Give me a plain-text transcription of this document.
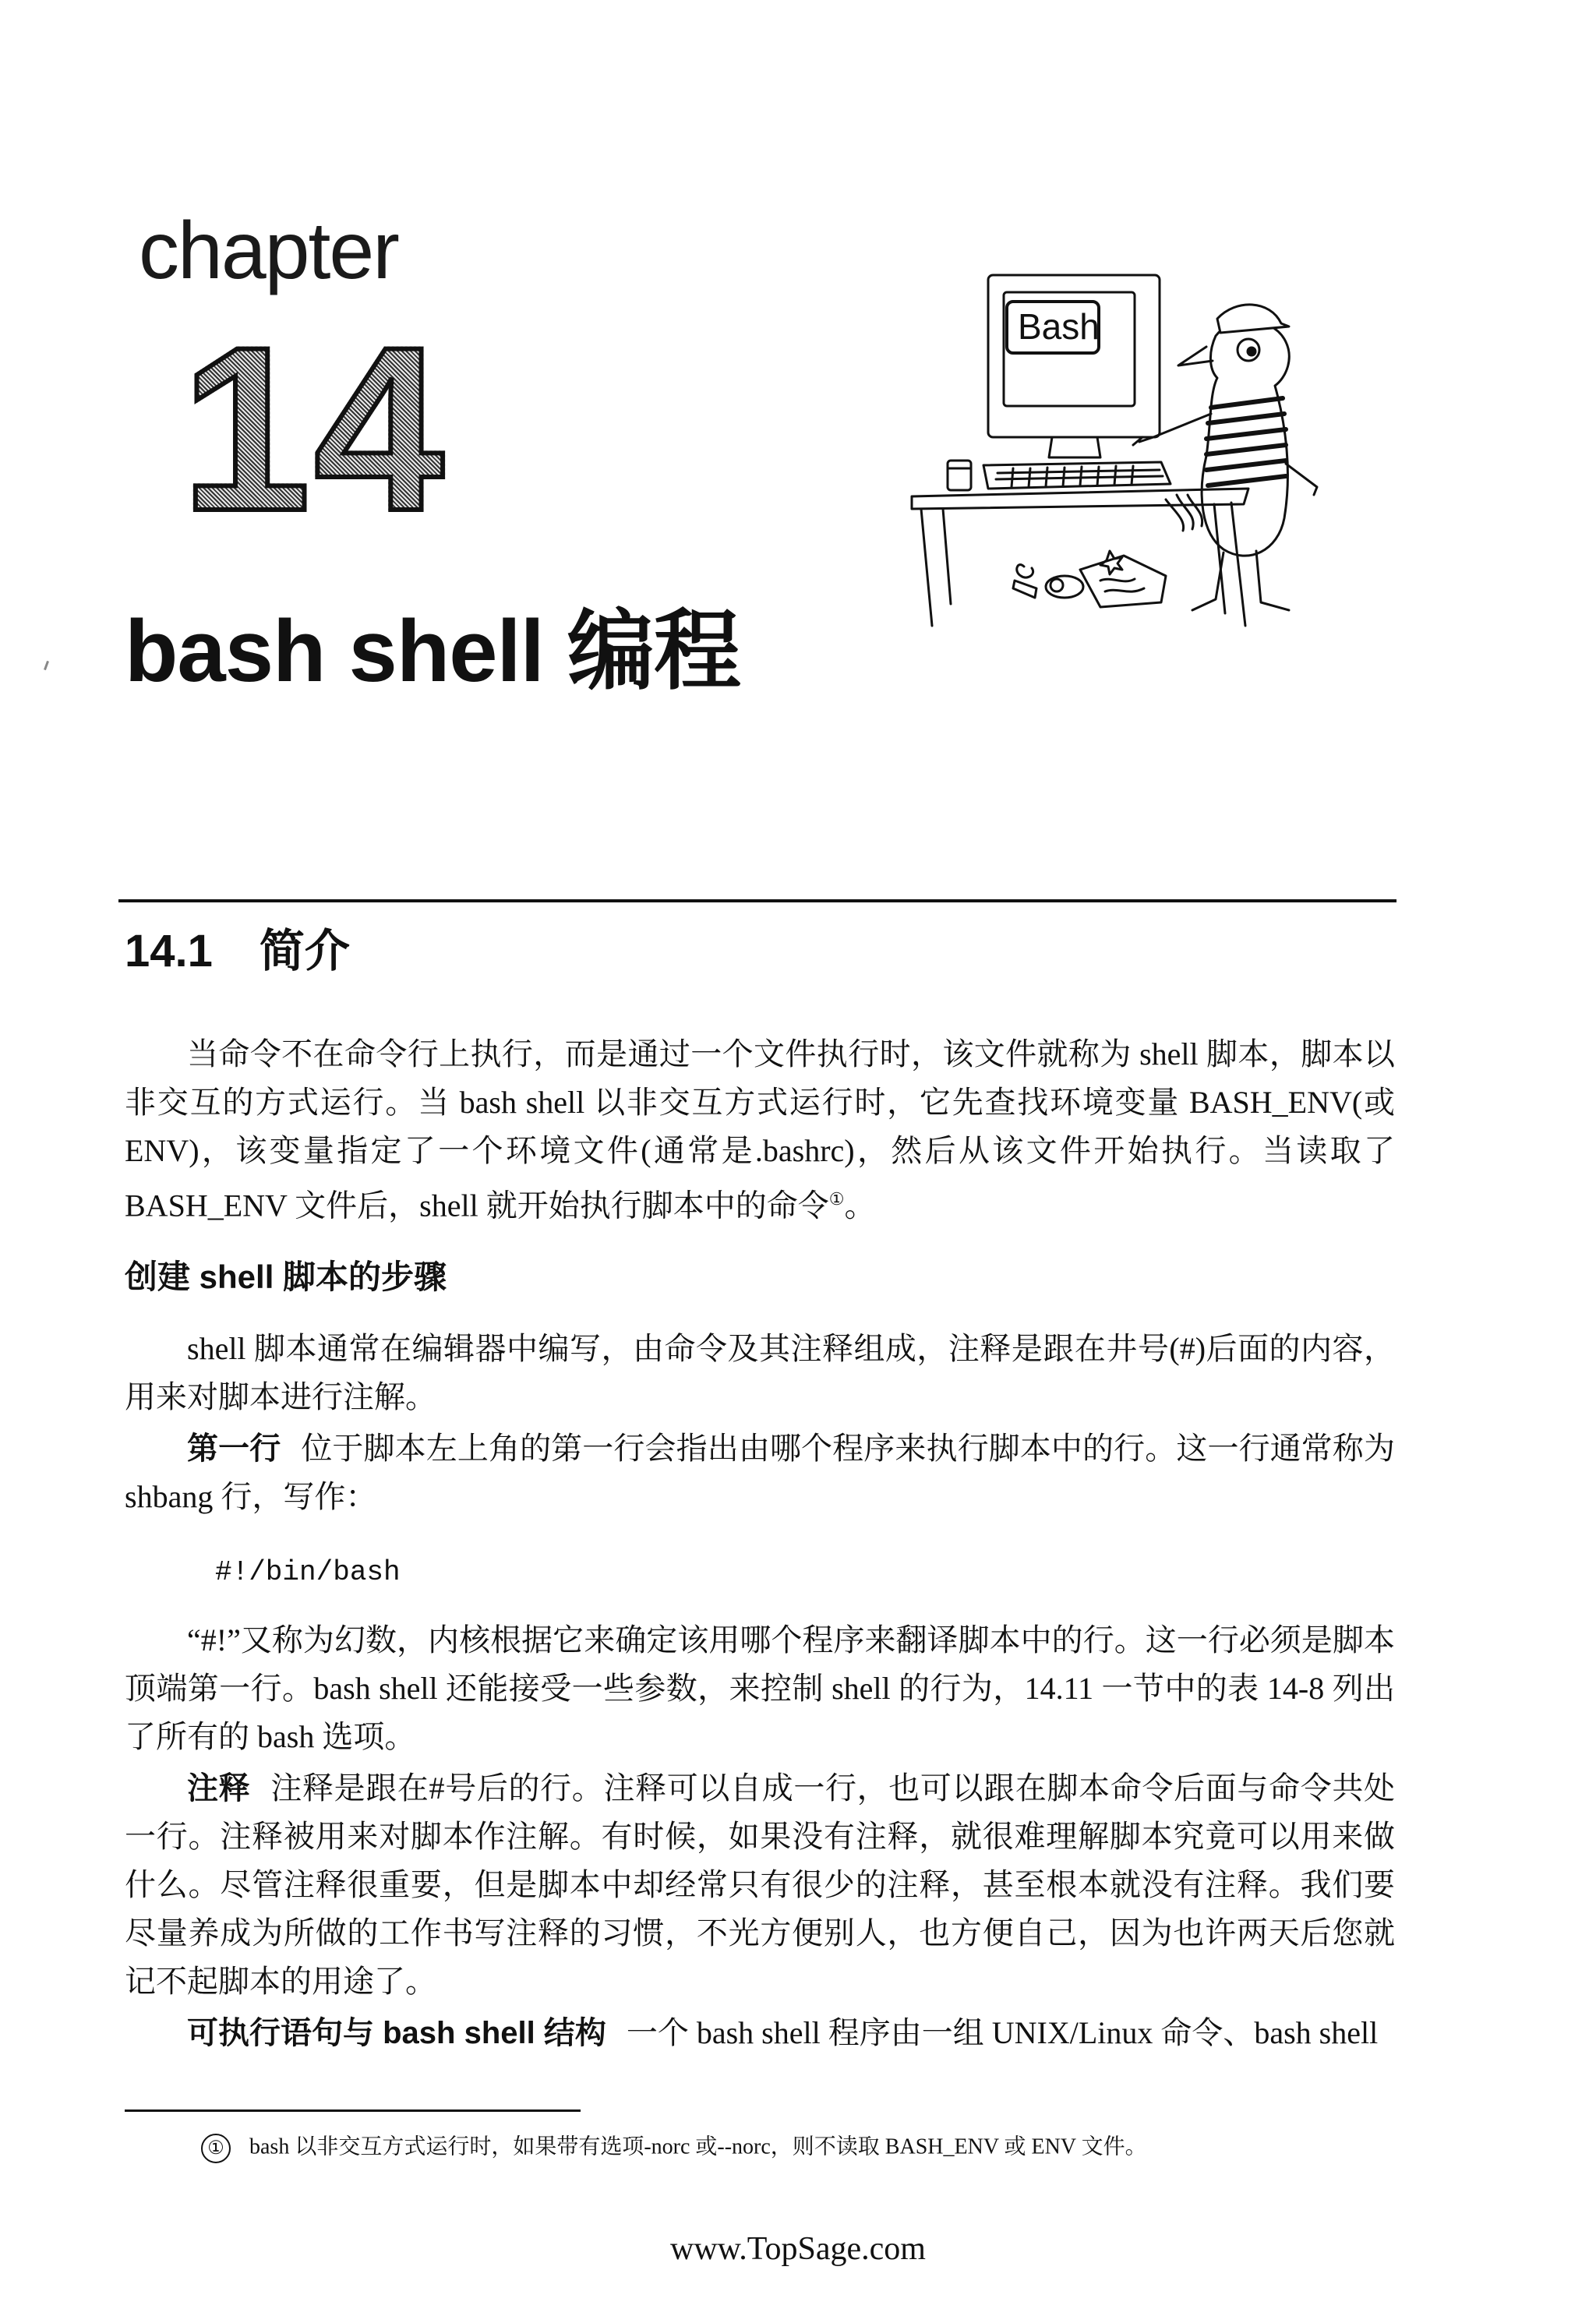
chapter
14
bash shell 编程
Bash
14.1 简介

当命令不在命令行上执行，而是通过一个文件执行时，该文件就称为 shell 脚本，脚本以非交互的方式运行。当 bash shell 以非交互方式运行时，它先查找环境变量 BASH_ENV(或 ENV)，该变量指定了一个环境文件(通常是.bashrc)，然后从该文件开始执行。当读取了 BASH_ENV 文件后，shell 就开始执行脚本中的命令①。

创建 shell 脚本的步骤

shell 脚本通常在编辑器中编写，由命令及其注释组成，注释是跟在井号(#)后面的内容，用来对脚本进行注解。

第一行 位于脚本左上角的第一行会指出由哪个程序来执行脚本中的行。这一行通常称为 shbang 行，写作：

#!/bin/bash

“#!”又称为幻数，内核根据它来确定该用哪个程序来翻译脚本中的行。这一行必须是脚本顶端第一行。bash shell 还能接受一些参数，来控制 shell 的行为，14.11 一节中的表 14-8 列出了所有的 bash 选项。

注释 注释是跟在#号后的行。注释可以自成一行，也可以跟在脚本命令后面与命令共处一行。注释被用来对脚本作注解。有时候，如果没有注释，就很难理解脚本究竟可以用来做什么。尽管注释很重要，但是脚本中却经常只有很少的注释，甚至根本就没有注释。我们要尽量养成为所做的工作书写注释的习惯，不光方便别人，也方便自己，因为也许两天后您就记不起脚本的用途了。

可执行语句与 bash shell 结构 一个 bash shell 程序由一组 UNIX/Linux 命令、bash shell

① bash 以非交互方式运行时，如果带有选项-norc 或--norc，则不读取 BASH_ENV 或 ENV 文件。
www.TopSage.com
